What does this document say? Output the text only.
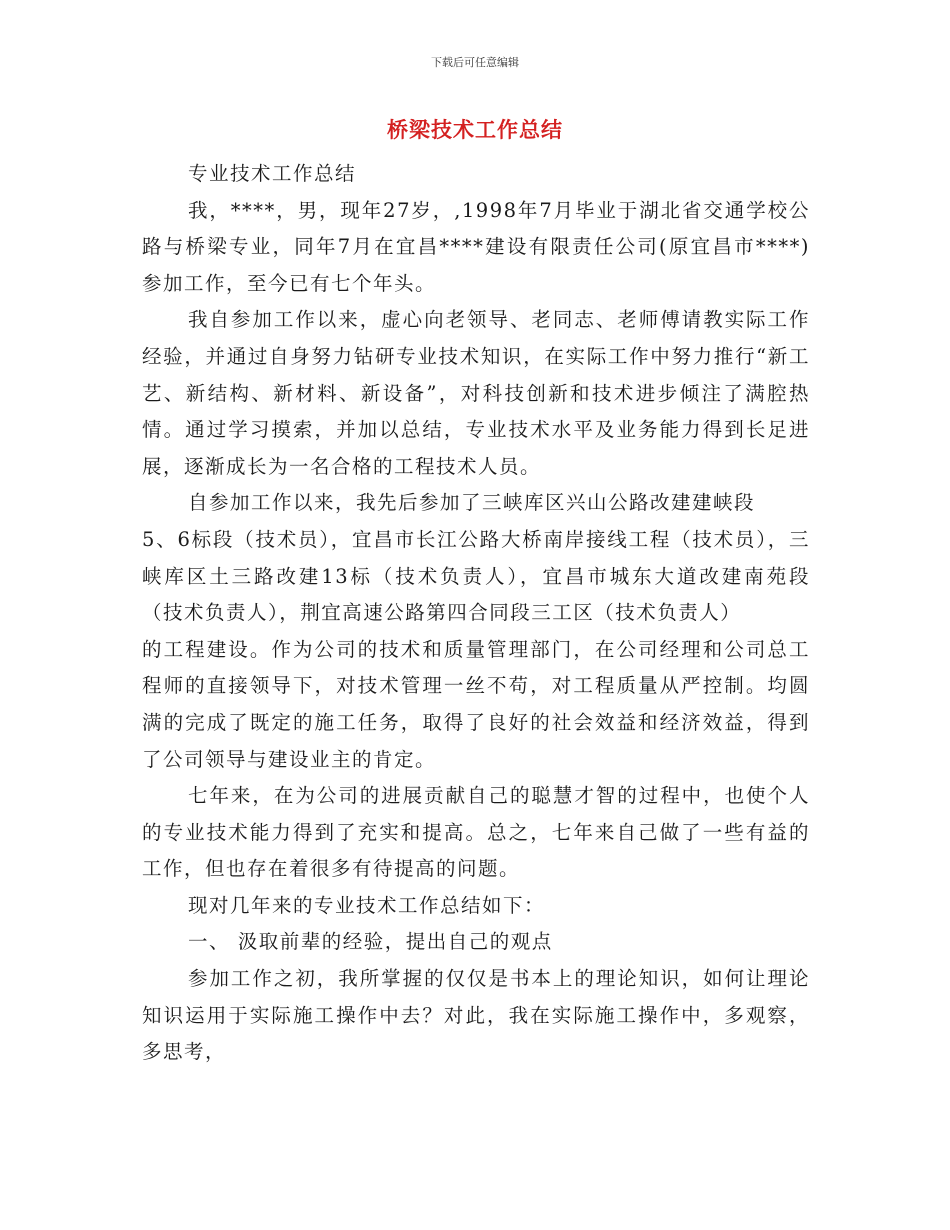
下载后可任意编辑
桥梁技术工作总结

专业技术工作总结

我，****，男，现年27岁，,1998年7月毕业于湖北省交通学校公路与桥梁专业，同年7月在宜昌****建设有限责任公司(原宜昌市****)参加工作，至今已有七个年头。

我自参加工作以来，虚心向老领导、老同志、老师傅请教实际工作经验，并通过自身努力钻研专业技术知识，在实际工作中努力推行“新工艺、新结构、新材料、新设备”，对科技创新和技术进步倾注了满腔热情。通过学习摸索，并加以总结，专业技术水平及业务能力得到长足进展，逐渐成长为一名合格的工程技术人员。

自参加工作以来，我先后参加了三峡库区兴山公路改建建峡段

5、6标段（技术员），宜昌市长江公路大桥南岸接线工程（技术员），三峡库区土三路改建13标（技术负责人），宜昌市城东大道改建南苑段（技术负责人），荆宜高速公路第四合同段三工区（技术负责人）

的工程建设。作为公司的技术和质量管理部门，在公司经理和公司总工程师的直接领导下，对技术管理一丝不苟，对工程质量从严控制。均圆满的完成了既定的施工任务，取得了良好的社会效益和经济效益，得到了公司领导与建设业主的肯定。

七年来，在为公司的进展贡献自己的聪慧才智的过程中，也使个人的专业技术能力得到了充实和提高。总之，七年来自己做了一些有益的工作，但也存在着很多有待提高的问题。

现对几年来的专业技术工作总结如下：

一、 汲取前辈的经验，提出自己的观点

参加工作之初，我所掌握的仅仅是书本上的理论知识，如何让理论知识运用于实际施工操作中去？对此，我在实际施工操作中，多观察，多思考，
